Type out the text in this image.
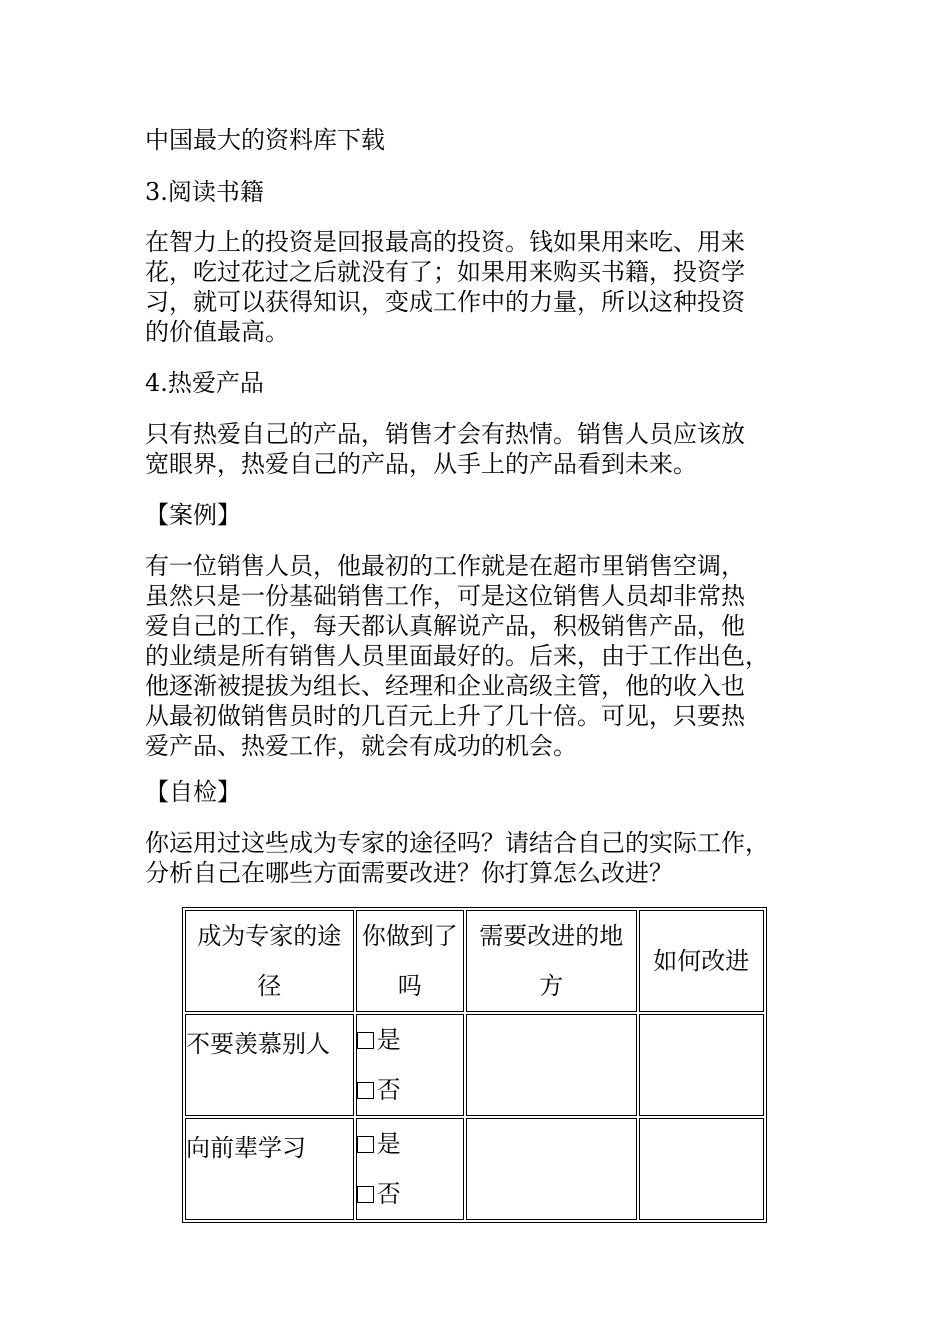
中国最大的资料库下载
3.阅读书籍
在智力上的投资是回报最高的投资。钱如果用来吃、用来
花，吃过花过之后就没有了；如果用来购买书籍，投资学
习，就可以获得知识，变成工作中的力量，所以这种投资
的价值最高。
4.热爱产品
只有热爱自己的产品，销售才会有热情。销售人员应该放
宽眼界，热爱自己的产品，从手上的产品看到未来。
【案例】
有一位销售人员，他最初的工作就是在超市里销售空调，
虽然只是一份基础销售工作，可是这位销售人员却非常热
爱自己的工作，每天都认真解说产品，积极销售产品，他
的业绩是所有销售人员里面最好的。后来，由于工作出色，
他逐渐被提拔为组长、经理和企业高级主管，他的收入也
从最初做销售员时的几百元上升了几十倍。可见，只要热
爱产品、热爱工作，就会有成功的机会。
【自检】
你运用过这些成为专家的途径吗？请结合自己的实际工作，
分析自己在哪些方面需要改进？你打算怎么改进？
成为专家的途
径	你做到了
吗	需要改进的地
方	如何改进

不要羡慕别人	是
否		

向前辈学习	是
否		
